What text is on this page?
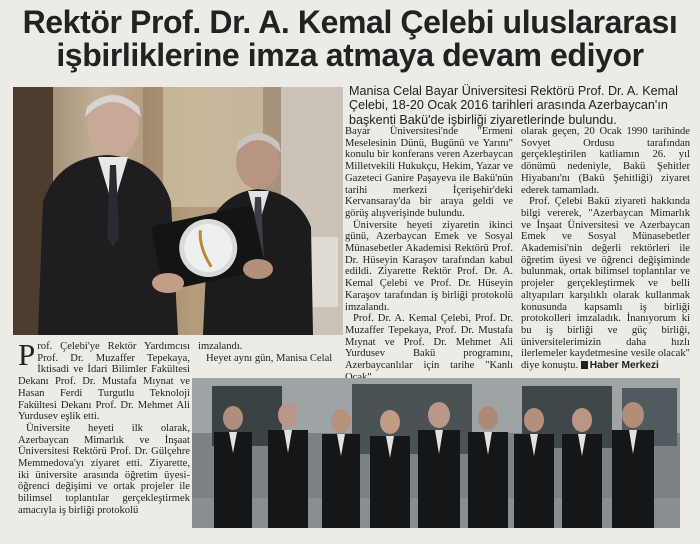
Rektör Prof. Dr. A. Kemal Çelebi uluslararası
işbirliklerine imza atmaya devam ediyor
Manisa Celal Bayar Üniversitesi Rektörü Prof. Dr. A. Kemal
Çelebi, 18-20 Ocak 2016 tarihleri arasında Azerbaycan'ın
başkenti Bakü'de işbirliği ziyaretlerinde bulundu.

Bayar Üniversitesi'nde "Ermeni Meselesinin Dünü, Bugünü ve Yarını" konulu bir konferans veren Azerbaycan Milletvekili Hukukçu, Hekim, Yazar ve Gazeteci Ganire Paşayeva ile Bakü'nün tarihi merkezi İçerişehir'deki Kervansaray'da bir araya geldi ve görüş alışverişinde bulundu.

Üniversite heyeti ziyaretin ikinci günü, Azerbaycan Emek ve Sosyal Münasebetler Akademisi Rektörü Prof. Dr. Hüseyin Karaşov tarafından kabul edildi. Ziyarette Rektör Prof. Dr. A. Kemal Çelebi ve Prof. Dr. Hüseyin Karaşov tarafından iş birliği protokolü imzalandı.

Prof. Dr. A. Kemal Çelebi, Prof. Dr. Muzaffer Tepekaya, Prof. Dr. Mustafa Mıynat ve Prof. Dr. Mehmet Ali Yurdusev Bakü programını, Azerbaycanlılar için tarihe "Kanlı

olarak geçen, 20 Ocak 1990 tarihinde Sovyet Ordusu tarafından gerçekleştirilen katliamın 26. yıl dönümü nedeniyle, Bakü Şehitler Hiyabanı'nı (Bakü Şehitliği) ziyaret ederek tamamladı.

Prof. Çelebi Bakü ziyareti hakkında bilgi vererek, "Azerbaycan Mimarlık ve İnşaat Üniversitesi ve Azerbaycan Emek ve Sosyal Münasebetler Akademisi'nin değerli rektörleri ile öğretim üyesi ve öğrenci değişiminde bulunmak, ortak bilimsel toplantılar ve projeler gerçekleştirmek ve belli altyapıları karşılıklı olarak kullanmak konusunda kapsamlı iş birliği protokolleri imzaladık. İnanıyorum ki bu iş birliği ve güç birliği, üniversitelerimizin daha hızlı ilerlemeler kaydetmesine vesile olacak" diye konuştu. Haber Merkezi

Prof. Çelebi'ye Rektör Yardımcısı Prof. Dr. Muzaffer Tepekaya, İktisadi ve İdari Bilimler Fakültesi Dekanı Prof. Dr. Mustafa Mıynat ve Hasan Ferdi Turgutlu Teknoloji Fakültesi Dekanı Prof. Dr. Mehmet Ali Yurdusev eşlik etti.

Üniversite heyeti ilk olarak, Azerbaycan Mimarlık ve İnşaat Üniversitesi Rektörü Prof. Dr. Gülçehre Memmedova'yı ziyaret etti. Ziyarette, iki üniversite arasında öğretim üyesi-öğrenci değişimi ve ortak projeler ile bilimsel toplantılar gerçekleştirmek amacıyla iş birliği protokolü

imzalandı.

Heyet aynı gün, Manisa Celal
